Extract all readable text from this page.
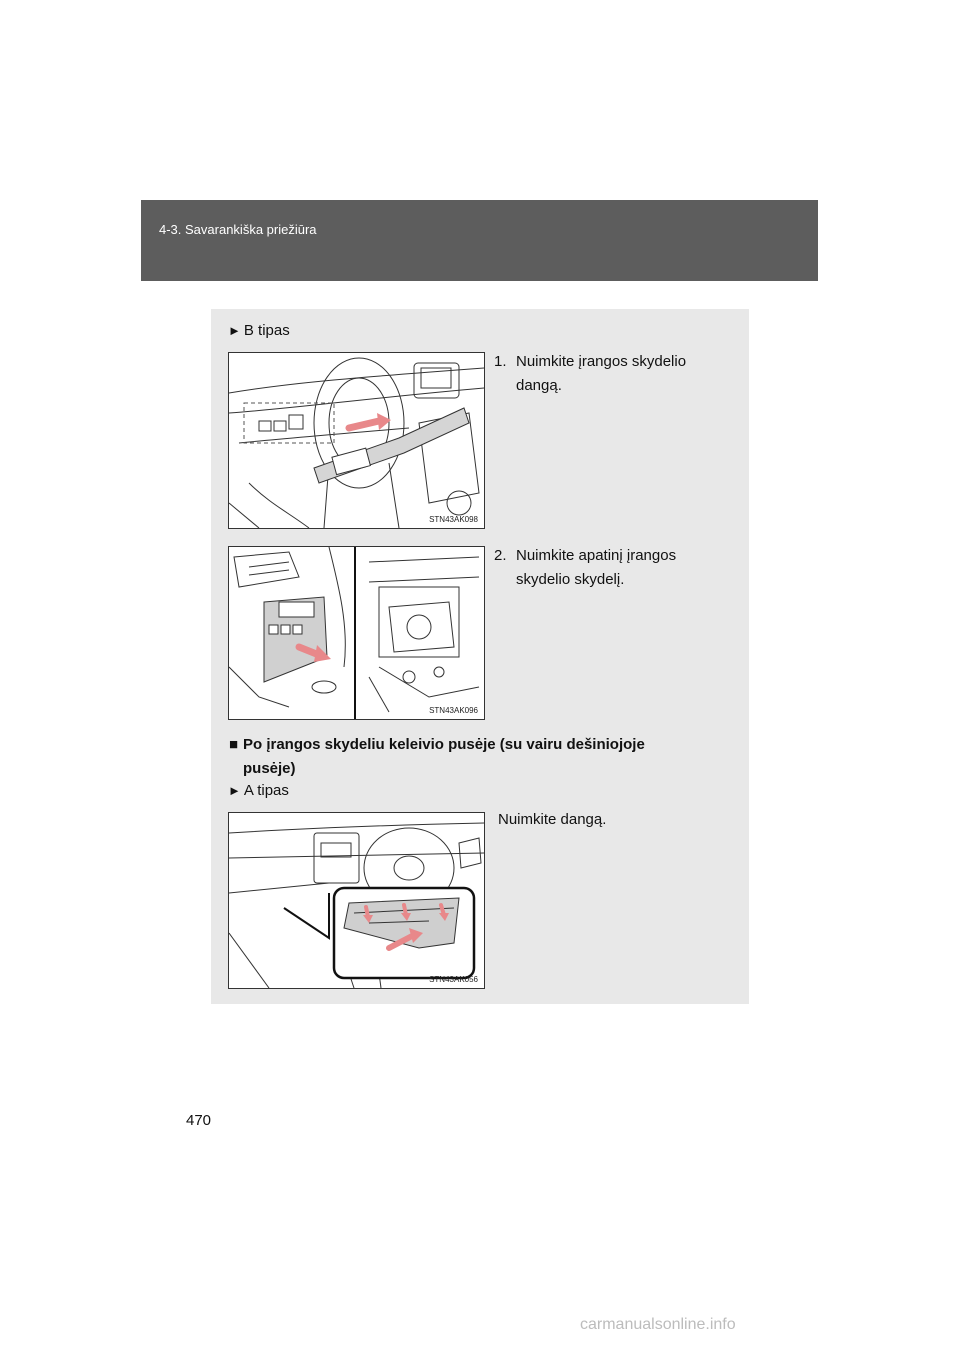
4-3. Savarankiška priežiūra
► B tipas
1. Nuimkite įrangos skydelio
dangą.
STN43AK098
2. Nuimkite apatinį įrangos
skydelio skydelį.
STN43AK096
■ Po įrangos skydeliu keleivio pusėje (su vairu dešiniojoje
pusėje)
► A tipas
Nuimkite dangą.
STN43AK056
470
carmanualsonline.info
